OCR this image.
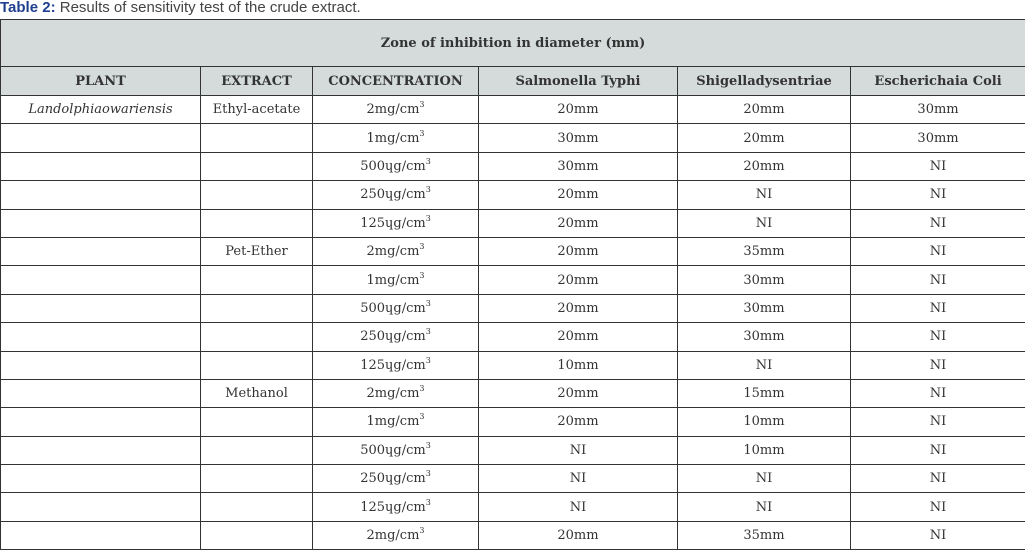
Table 2: Results of sensitivity test of the crude extract.
Zone of inhibition in diameter (mm)					
PLANT	EXTRACT	CONCENTRATION	Salmonella Typhi	Shigelladysentriae	Escherichaia Coli
Landolphiaowariensis	Ethyl-acetate	$2mg/cm^3$	20mm	20mm	30mm
		$1mg/cm^3$	30mm	20mm	30mm
		$500ɥg/cm^3$	30mm	20mm	NI
		$250ɥg/cm^3$	20mm	NI	NI
		$125ɥg/cm^3$	20mm	NI	NI
	Pet-Ether	$2mg/cm^3$	20mm	35mm	NI
		$1mg/cm^3$	20mm	30mm	NI
		$500ɥg/cm^3$	20mm	30mm	NI
		$250ɥg/cm^3$	20mm	30mm	NI
		$125ɥg/cm^3$	10mm	NI	NI
	Methanol	$2mg/cm^3$	20mm	15mm	NI
		$1mg/cm^3$	20mm	10mm	NI
		$500ɥg/cm^3$	NI	10mm	NI
		$250ɥg/cm^3$	NI	NI	NI
		$125ɥg/cm^3$	NI	NI	NI
		$2mg/cm^3$	20mm	35mm	NI
